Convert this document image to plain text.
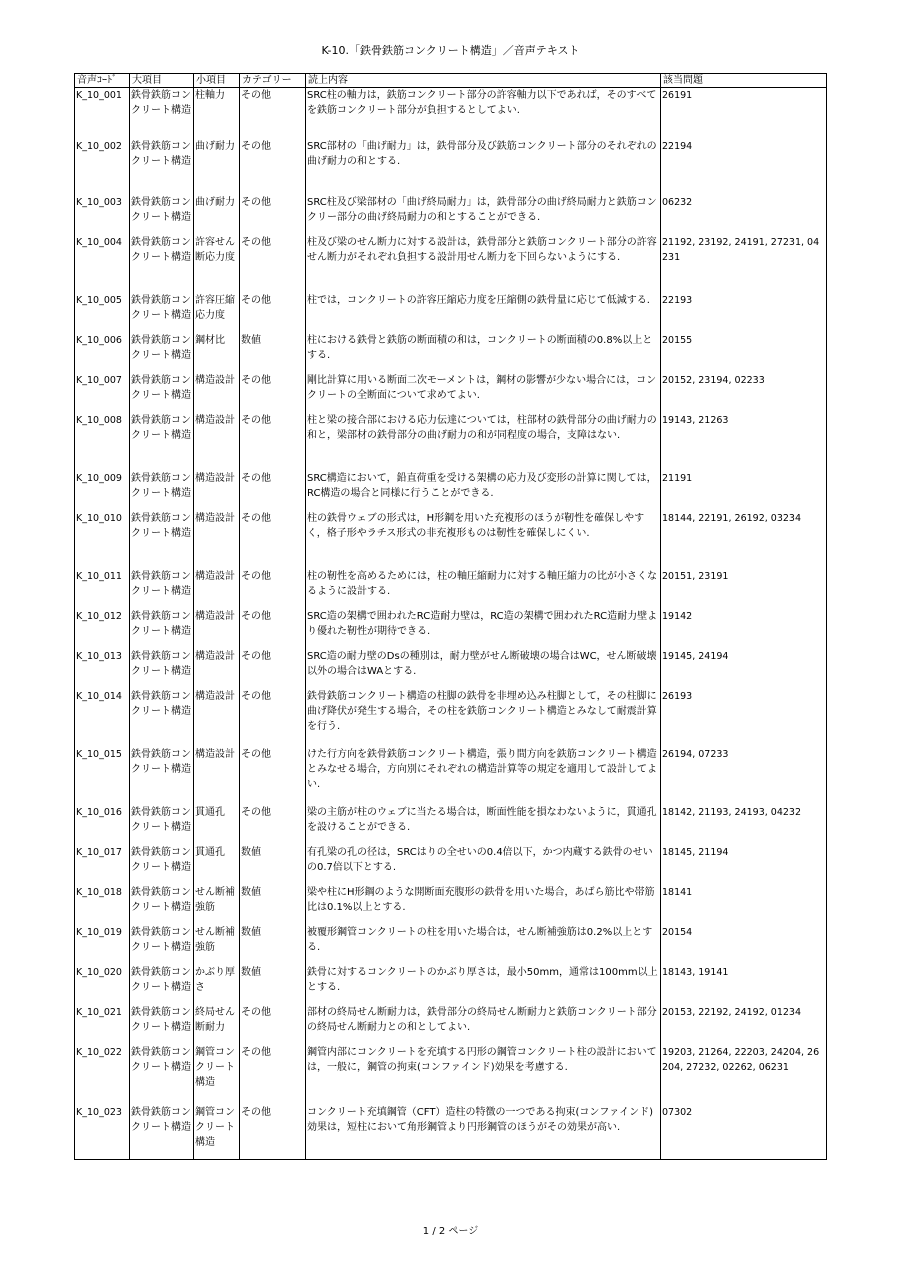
K-10.「鉄骨鉄筋コンクリート構造」／音声テキスト
音声ｺｰﾄﾞ	大項目	小項目	カテゴリー	読上内容	該当問題

K_10_001	鉄骨鉄筋コンクリート構造	柱軸力	その他	SRC柱の軸力は，鉄筋コンクリート部分の許容軸力以下であれば，そのすべてを鉄筋コンクリート部分が負担するとしてよい.	26191

K_10_002	鉄骨鉄筋コンクリート構造	曲げ耐力	その他	SRC部材の「曲げ耐力」は，鉄骨部分及び鉄筋コンクリート部分のそれぞれの曲げ耐力の和とする.	22194

K_10_003	鉄骨鉄筋コンクリート構造	曲げ耐力	その他	SRC柱及び梁部材の「曲げ終局耐力」は，鉄骨部分の曲げ終局耐力と鉄筋コンクリー部分の曲げ終局耐力の和とすることができる.	06232

K_10_004	鉄骨鉄筋コンクリート構造	許容せん断応力度	その他	柱及び梁のせん断力に対する設計は，鉄骨部分と鉄筋コンクリート部分の許容せん断力がそれぞれ負担する設計用せん断力を下回らないようにする.	21192, 23192, 24191, 27231, 04231

K_10_005	鉄骨鉄筋コンクリート構造	許容圧縮応力度	その他	柱では，コンクリートの許容圧縮応力度を圧縮側の鉄骨量に応じて低減する.	22193

K_10_006	鉄骨鉄筋コンクリート構造	鋼材比	数値	柱における鉄骨と鉄筋の断面積の和は，コンクリートの断面積の0.8%以上とする.	20155

K_10_007	鉄骨鉄筋コンクリート構造	構造設計	その他	剛比計算に用いる断面二次モーメントは，鋼材の影響が少ない場合には，コンクリートの全断面について求めてよい.	20152, 23194, 02233

K_10_008	鉄骨鉄筋コンクリート構造	構造設計	その他	柱と梁の接合部における応力伝達については，柱部材の鉄骨部分の曲げ耐力の和と，梁部材の鉄骨部分の曲げ耐力の和が同程度の場合，支障はない.	19143, 21263

K_10_009	鉄骨鉄筋コンクリート構造	構造設計	その他	SRC構造において，鉛直荷重を受ける架構の応力及び変形の計算に関しては，RC構造の場合と同様に行うことができる.	21191

K_10_010	鉄骨鉄筋コンクリート構造	構造設計	その他	柱の鉄骨ウェブの形式は，H形鋼を用いた充複形のほうが靭性を確保しやすく，格子形やラチス形式の非充複形ものは靭性を確保しにくい.	18144, 22191, 26192, 03234

K_10_011	鉄骨鉄筋コンクリート構造	構造設計	その他	柱の靭性を高めるためには，柱の軸圧縮耐力に対する軸圧縮力の比が小さくなるように設計する.	20151, 23191

K_10_012	鉄骨鉄筋コンクリート構造	構造設計	その他	SRC造の架構で囲われたRC造耐力壁は，RC造の架構で囲われたRC造耐力壁より優れた靭性が期待できる.	19142

K_10_013	鉄骨鉄筋コンクリート構造	構造設計	その他	SRC造の耐力壁のDsの種別は，耐力壁がせん断破壊の場合はWC，せん断破壊以外の場合はWAとする.	19145, 24194

K_10_014	鉄骨鉄筋コンクリート構造	構造設計	その他	鉄骨鉄筋コンクリート構造の柱脚の鉄骨を非埋め込み柱脚として，その柱脚に曲げ降伏が発生する場合，その柱を鉄筋コンクリート構造とみなして耐震計算を行う.	26193

K_10_015	鉄骨鉄筋コンクリート構造	構造設計	その他	けた行方向を鉄骨鉄筋コンクリート構造，張り間方向を鉄筋コンクリート構造とみなせる場合，方向別にそれぞれの構造計算等の規定を適用して設計してよい.	26194, 07233

K_10_016	鉄骨鉄筋コンクリート構造	貫通孔	その他	梁の主筋が柱のウェブに当たる場合は，断面性能を損なわないように，貫通孔を設けることができる.	18142, 21193, 24193, 04232

K_10_017	鉄骨鉄筋コンクリート構造	貫通孔	数値	有孔梁の孔の径は，SRCはりの全せいの0.4倍以下，かつ内蔵する鉄骨のせいの0.7倍以下とする.	18145, 21194

K_10_018	鉄骨鉄筋コンクリート構造	せん断補強筋	数値	梁や柱にH形鋼のような開断面充腹形の鉄骨を用いた場合，あばら筋比や帯筋比は0.1%以上とする.	18141

K_10_019	鉄骨鉄筋コンクリート構造	せん断補強筋	数値	被覆形鋼管コンクリートの柱を用いた場合は，せん断補強筋は0.2%以上とする.	20154

K_10_020	鉄骨鉄筋コンクリート構造	かぶり厚さ	数値	鉄骨に対するコンクリートのかぶり厚さは，最小50mm，通常は100mm以上とする.	18143, 19141

K_10_021	鉄骨鉄筋コンクリート構造	終局せん断耐力	その他	部材の終局せん断耐力は，鉄骨部分の終局せん断耐力と鉄筋コンクリート部分の終局せん断耐力との和としてよい.	20153, 22192, 24192, 01234

K_10_022	鉄骨鉄筋コンクリート構造	鋼管コンクリート構造	その他	鋼管内部にコンクリートを充填する円形の鋼管コンクリート柱の設計においては，一般に，鋼管の拘束(コンファインド)効果を考慮する.	19203, 21264, 22203, 24204, 26204, 27232, 02262, 06231

K_10_023	鉄骨鉄筋コンクリート構造	鋼管コンクリート構造	その他	コンクリート充填鋼管（CFT）造柱の特徴の一つである拘束(コンファインド)効果は，短柱において角形鋼管より円形鋼管のほうがその効果が高い.	07302
1 / 2 ページ
